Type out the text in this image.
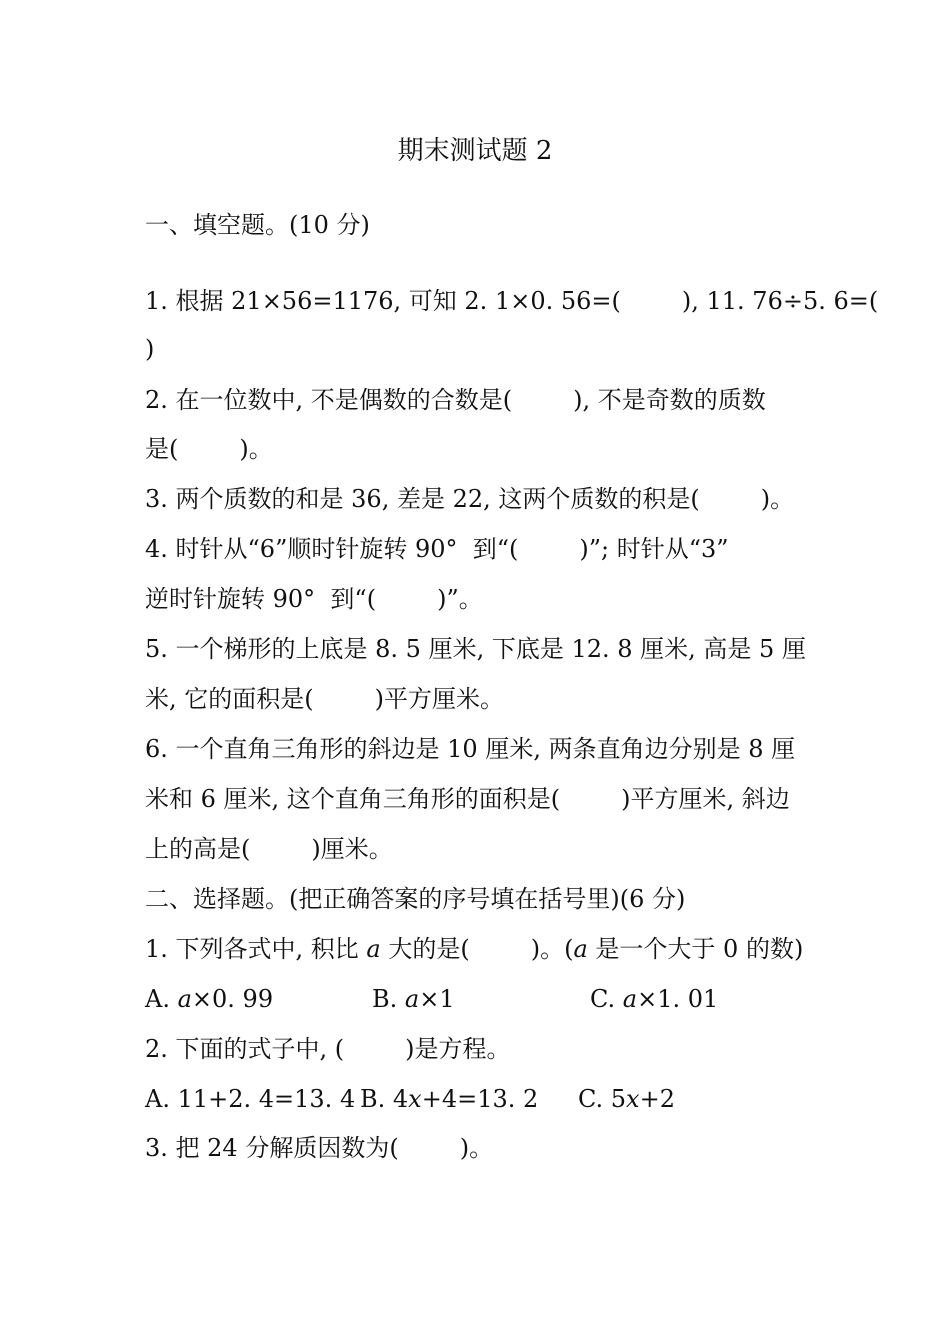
期末测试题 2
一、填空题。(10 分)
1. 根据 21×56=1176, 可知 2. 1×0. 56=(        ), 11. 76÷5. 6=(
)
2. 在一位数中, 不是偶数的合数是(        ), 不是奇数的质数
是(        )。
3. 两个质数的和是 36, 差是 22, 这两个质数的积是(        )。
4. 时针从“6”顺时针旋转 90°  到“(        )”; 时针从“3”
逆时针旋转 90°  到“(        )”。
5. 一个梯形的上底是 8. 5 厘米, 下底是 12. 8 厘米, 高是 5 厘
米, 它的面积是(        )平方厘米。
6. 一个直角三角形的斜边是 10 厘米, 两条直角边分别是 8 厘
米和 6 厘米, 这个直角三角形的面积是(        )平方厘米, 斜边
上的高是(        )厘米。
二、选择题。(把正确答案的序号填在括号里)(6 分)
1. 下列各式中, 积比 a 大的是(        )。(a 是一个大于 0 的数)
A. a×0. 99	B. a×1	C. a×1. 01
2. 下面的式子中, (        )是方程。
A. 11+2. 4=13. 4 B. 4x+4=13. 2 C. 5x+2
3. 把 24 分解质因数为(        )。
